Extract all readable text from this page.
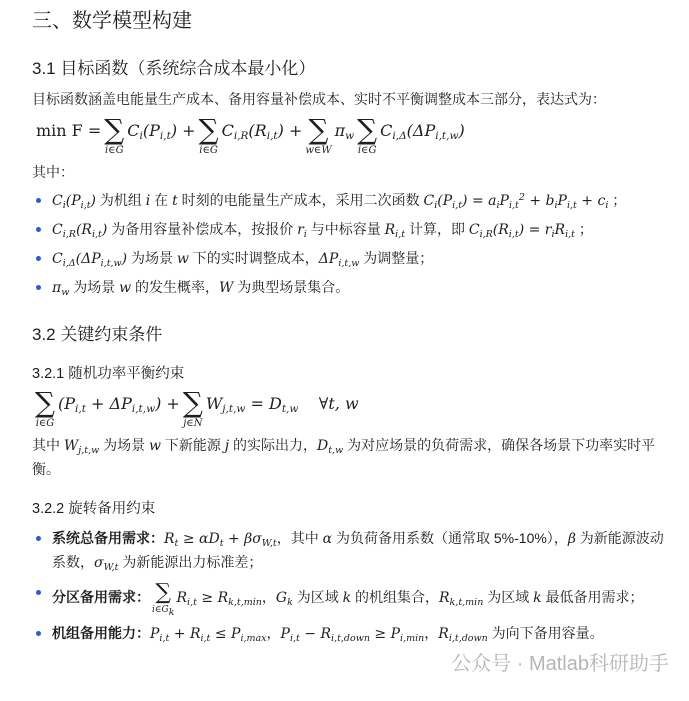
三、数学模型构建
3.1 目标函数（系统综合成本最小化）
目标函数涵盖电能量生产成本、备用容量补偿成本、实时不平衡调整成本三部分，表达式为：
min F = ∑
i∈G
$C_i(P_{i,t})$ + ∑
i∈G
$C_{i,R}(R_{i,t})$ + ∑
w∈W
$\pi_w$ ∑
i∈G
$C_{i,\Delta}(\Delta P_{i,t,w})$
其中：
$C_i(P_{i,t})$ 为机组 i 在 t 时刻的电能量生产成本，采用二次函数 $C_i(P_{i,t}) = a_iP_{i,t}^2 + b_iP_{i,t} + c_i$ ；
$C_{i,R}(R_{i,t})$ 为备用容量补偿成本，按报价 $r_i$ 与中标容量 $R_{i,t}$ 计算，即 $C_{i,R}(R_{i,t}) = r_iR_{i,t}$ ；
$C_{i,\Delta}(\Delta P_{i,t,w})$ 为场景 w 下的实时调整成本，$\Delta P_{i,t,w}$ 为调整量；
$\pi_w$ 为场景 w 的发生概率，W 为典型场景集合。
3.2 关键约束条件
3.2.1 随机功率平衡约束
∑
i∈G
$(P_{i,t} + \Delta P_{i,t,w})$ + ∑
j∈N
$W_{j,t,w} = D_{t,w}$    ∀t, w
其中 $W_{j,t,w}$ 为场景 w 下新能源 j 的实际出力，$D_{t,w}$ 为对应场景的负荷需求，确保各场景下功率实时平衡。
3.2.2 旋转备用约束
系统总备用需求：$R_t \ge \alpha D_t + \beta\sigma_{W,t}$，其中 α 为负荷备用系数（通常取 5%-10%），β 为新能源波动系数，$\sigma_{W,t}$ 为新能源出力标准差；
分区备用需求： ∑
$i\in G_k$
$R_{i,t} \ge R_{k,t,min}$，$G_k$ 为区域 k 的机组集合，$R_{k,t,min}$ 为区域 k 最低备用需求；
机组备用能力：$P_{i,t} + R_{i,t} \le P_{i,max}$，$P_{i,t} - R_{i,t,down} \ge P_{i,min}$，$R_{i,t,down}$ 为向下备用容量。
公众号 · Matlab科研助手
